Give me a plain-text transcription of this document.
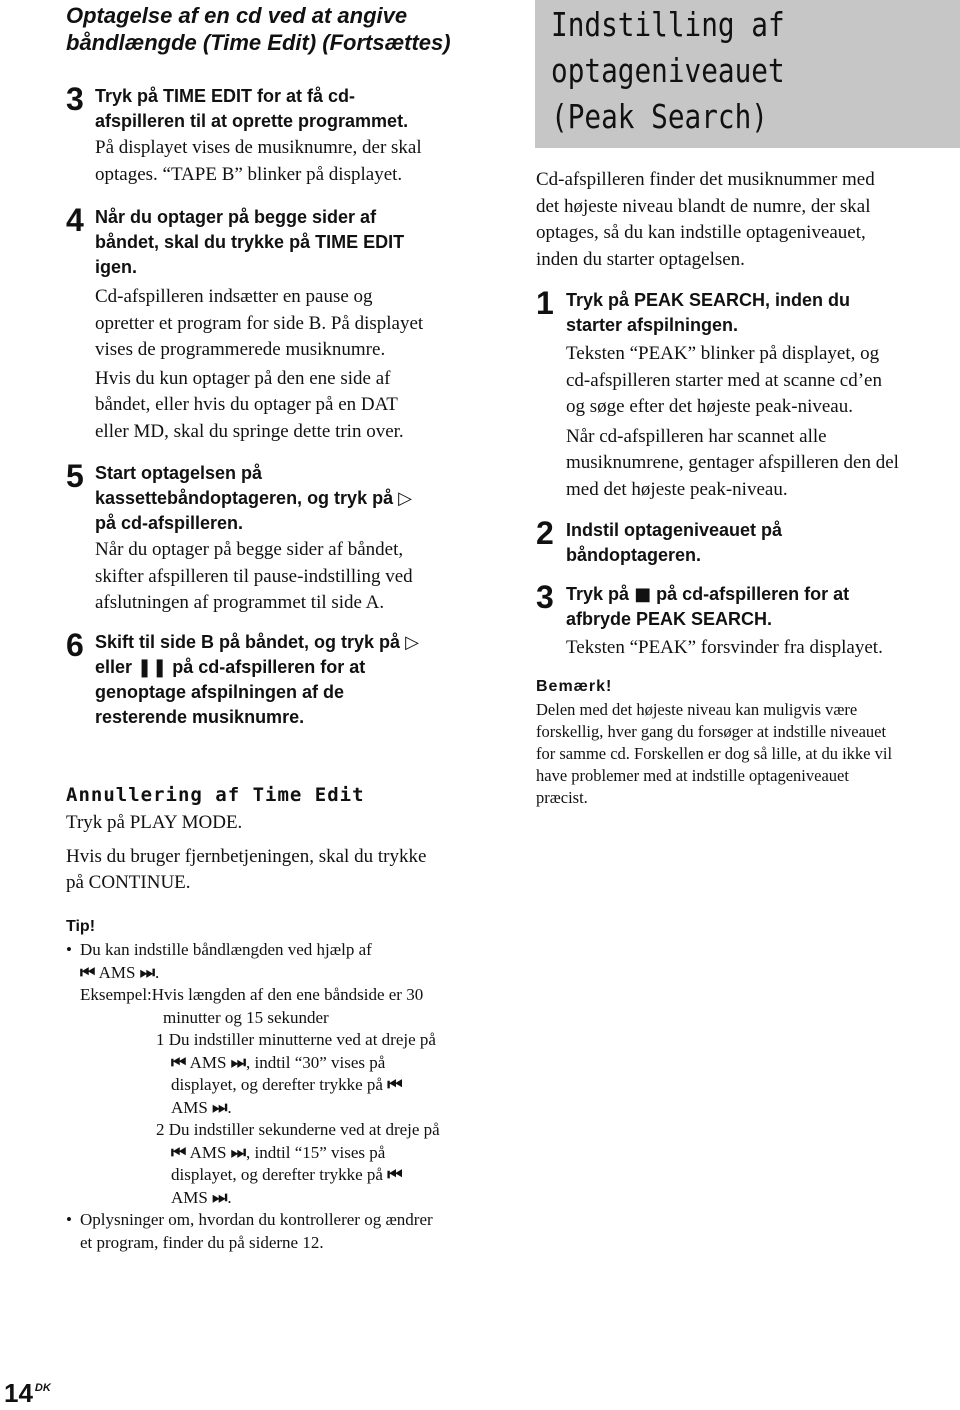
Optagelse af en cd ved at angive
båndlængde (Time Edit) (Fortsættes)
3 Tryk på TIME EDIT for at få cd-
afspilleren til at oprette programmet.
På displayet vises de musiknumre, der skal
optages. “TAPE B” blinker på displayet.
4 Når du optager på begge sider af
båndet, skal du trykke på TIME EDIT
igen.
Cd-afspilleren indsætter en pause og
opretter et program for side B. På displayet
vises de programmerede musiknumre.
Hvis du kun optager på den ene side af
båndet, eller hvis du optager på en DAT
eller MD, skal du springe dette trin over.
5 Start optagelsen på
kassettebåndoptageren, og tryk på ▷
på cd-afspilleren.
Når du optager på begge sider af båndet,
skifter afspilleren til pause-indstilling ved
afslutningen af programmet til side A.
6 Skift til side B på båndet, og tryk på ▷
eller ❚❚ på cd-afspilleren for at
genoptage afspilningen af de
resterende musiknumre.
Annullering af Time Edit
Tryk på PLAY MODE.
Hvis du bruger fjernbetjeningen, skal du trykke
på CONTINUE.
Tip!
• Du kan indstille båndlængden ved hjælp af
⏮ AMS ⏭.
Eksempel:Hvis længden af den ene båndside er 30
minutter og 15 sekunder
1 Du indstiller minutterne ved at dreje på
⏮ AMS ⏭, indtil “30” vises på
displayet, og derefter trykke på ⏮
AMS ⏭.
2 Du indstiller sekunderne ved at dreje på
⏮ AMS ⏭, indtil “15” vises på
displayet, og derefter trykke på ⏮
AMS ⏭.
• Oplysninger om, hvordan du kontrollerer og ændrer
et program, finder du på siderne 12.
Indstilling af
optageniveauet
(Peak Search)
Cd-afspilleren finder det musiknummer med
det højeste niveau blandt de numre, der skal
optages, så du kan indstille optageniveauet,
inden du starter optagelsen.
1 Tryk på PEAK SEARCH, inden du
starter afspilningen.
Teksten “PEAK” blinker på displayet, og
cd-afspilleren starter med at scanne cd’en
og søge efter det højeste peak-niveau.
Når cd-afspilleren har scannet alle
musiknumrene, gentager afspilleren den del
med det højeste peak-niveau.
2 Indstil optageniveauet på
båndoptageren.
3 Tryk på ■ på cd-afspilleren for at
afbryde PEAK SEARCH.
Teksten “PEAK” forsvinder fra displayet.
Bemærk!
Delen med det højeste niveau kan muligvis være
forskellig, hver gang du forsøger at indstille niveauet
for samme cd. Forskellen er dog så lille, at du ikke vil
have problemer med at indstille optageniveauet
præcist.
14 $^{DK}$
